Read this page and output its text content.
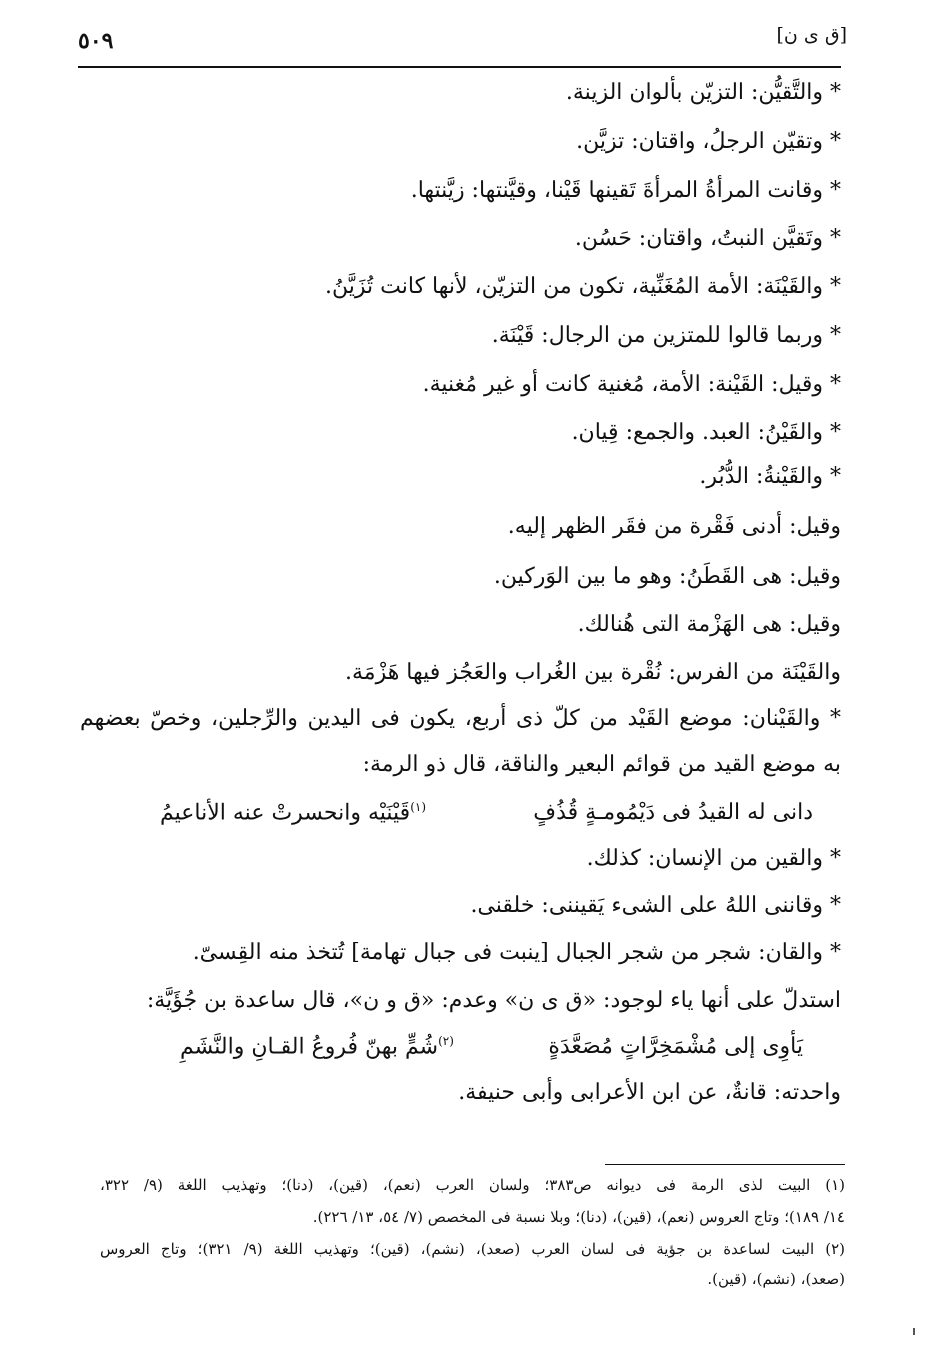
[ق ى ن]
٥٠٩
* والتَّقيُّن: التزيّن بألوان الزينة.
* وتقيّن الرجلُ، واقتان: تزيَّن.
* وقانت المرأةُ المرأةَ تَقينها قَيْنا، وقيَّنتها: زيَّنتها.
* وتَقيَّن النبتُ، واقتان: حَسُن.
* والقَيْنَة: الأمة المُغَنِّية، تكون من التزيّن، لأنها كانت تُزَيَّنُ.
* وربما قالوا للمتزين من الرجال: قَيْنَة.
* وقيل: القَيْنة: الأمة، مُغنية كانت أو غير مُغنية.
* والقَيْنُ: العبد. والجمع: قِيان.
* والقَيْنةُ: الدُّبُر.
وقيل: أدنى فَقْرة من فقَر الظهر إليه.
وقيل: هى القَطَنُ: وهو ما بين الوَركين.
وقيل: هى الهَزْمة التى هُنالك.
والقَيْنَة من الفرس: نُقْرة بين الغُراب والعَجُز فيها هَزْمَة.
* والقَيْنان: موضع القَيْد من كلّ ذى أربع، يكون فى اليدين والرِّجلين، وخصّ بعضهم
به موضع القيد من قوائم البعير والناقة، قال ذو الرمة:
دانى له القيدُ فى دَيْمُومـةٍ قُذُفٍ
$^{(١)}$قَيْنَيْه وانحسرتْ عنه الأناعيمُ
* والقين من الإنسان: كذلك.
* وقاننى اللهُ على الشىء يَقيننى: خلقنى.
* والقان: شجر من شجر الجبال [ينبت فى جبال تهامة] تُتخذ منه القِسىّ.
استدلّ على أنها ياء لوجود: «ق ى ن» وعدم: «ق و ن»، قال ساعدة بن جُؤَيَّة:
يَأوِى إلى مُشْمَخِرَّاتٍ مُصَعَّدَةٍ
$^{(٢)}$شُمٍّ بهنّ فُروعُ القـانِ والنَّشَمِ
واحدته: قانةٌ، عن ابن الأعرابى وأبى حنيفة.
(١) البيت لذى الرمة فى ديوانه ص٣٨٣؛ ولسان العرب (نعم)، (قين)، (دنا)؛ وتهذيب اللغة (٩/ ٣٢٢،
١٤/ ١٨٩)؛ وتاج العروس (نعم)، (قين)، (دنا)؛ وبلا نسبة فى المخصص (٧/ ٥٤، ١٣/ ٢٢٦).
(٢) البيت لساعدة بن جؤية فى لسان العرب (صعد)، (نشم)، (قين)؛ وتهذيب اللغة (٩/ ٣٢١)؛ وتاج العروس
(صعد)، (نشم)، (قين).
